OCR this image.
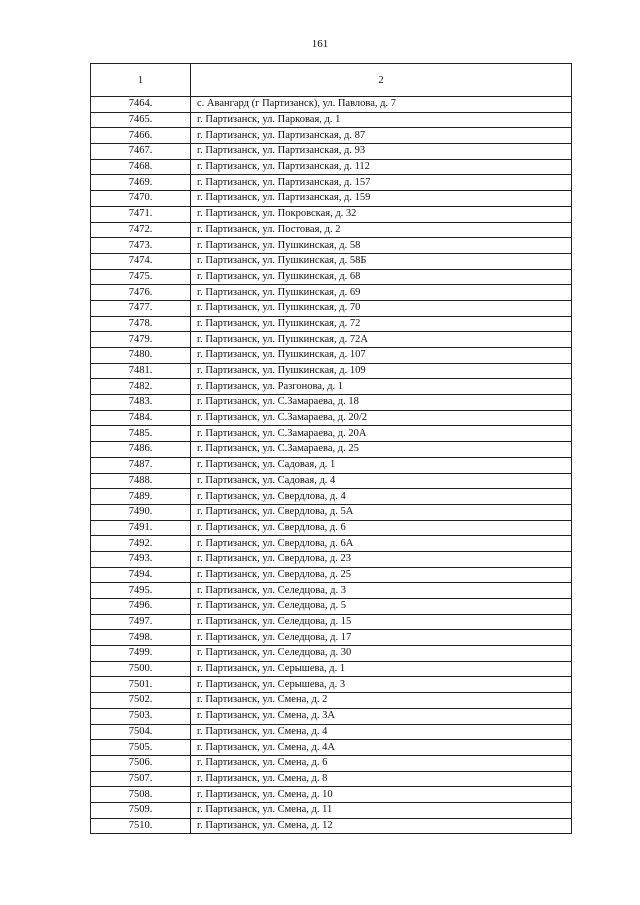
161
1	2
7464.	с. Авангард (г Партизанск), ул. Павлова, д. 7
7465.	г. Партизанск, ул. Парковая, д. 1
7466.	г. Партизанск, ул. Партизанская, д. 87
7467.	г. Партизанск, ул. Партизанская, д. 93
7468.	г. Партизанск, ул. Партизанская, д. 112
7469.	г. Партизанск, ул. Партизанская, д. 157
7470.	г. Партизанск, ул. Партизанская, д. 159
7471.	г. Партизанск, ул. Покровская, д. 32
7472.	г. Партизанск, ул. Постовая, д. 2
7473.	г. Партизанск, ул. Пушкинская, д. 58
7474.	г. Партизанск, ул. Пушкинская, д. 58Б
7475.	г. Партизанск, ул. Пушкинская, д. 68
7476.	г. Партизанск, ул. Пушкинская, д. 69
7477.	г. Партизанск, ул. Пушкинская, д. 70
7478.	г. Партизанск, ул. Пушкинская, д. 72
7479.	г. Партизанск, ул. Пушкинская, д. 72А
7480.	г. Партизанск, ул. Пушкинская, д. 107
7481.	г. Партизанск, ул. Пушкинская, д. 109
7482.	г. Партизанск, ул. Разгонова, д. 1
7483.	г. Партизанск, ул. С.Замараева, д. 18
7484.	г. Партизанск, ул. С.Замараева, д. 20/2
7485.	г. Партизанск, ул. С.Замараева, д. 20А
7486.	г. Партизанск, ул. С.Замараева, д. 25
7487.	г. Партизанск, ул. Садовая, д. 1
7488.	г. Партизанск, ул. Садовая, д. 4
7489.	г. Партизанск, ул. Свердлова, д. 4
7490.	г. Партизанск, ул. Свердлова, д. 5А
7491.	г. Партизанск, ул. Свердлова, д. 6
7492.	г. Партизанск, ул. Свердлова, д. 6А
7493.	г. Партизанск, ул. Свердлова, д. 23
7494.	г. Партизанск, ул. Свердлова, д. 25
7495.	г. Партизанск, ул. Селедцова, д. 3
7496.	г. Партизанск, ул. Селедцова, д. 5
7497.	г. Партизанск, ул. Селедцова, д. 15
7498.	г. Партизанск, ул. Селедцова, д. 17
7499.	г. Партизанск, ул. Селедцова, д. 30
7500.	г. Партизанск, ул. Серышева, д. 1
7501.	г. Партизанск, ул. Серышева, д. 3
7502.	г. Партизанск, ул. Смена, д. 2
7503.	г. Партизанск, ул. Смена, д. 3А
7504.	г. Партизанск, ул. Смена, д. 4
7505.	г. Партизанск, ул. Смена, д. 4А
7506.	г. Партизанск, ул. Смена, д. 6
7507.	г. Партизанск, ул. Смена, д. 8
7508.	г. Партизанск, ул. Смена, д. 10
7509.	г. Партизанск, ул. Смена, д. 11
7510.	г. Партизанск, ул. Смена, д. 12
